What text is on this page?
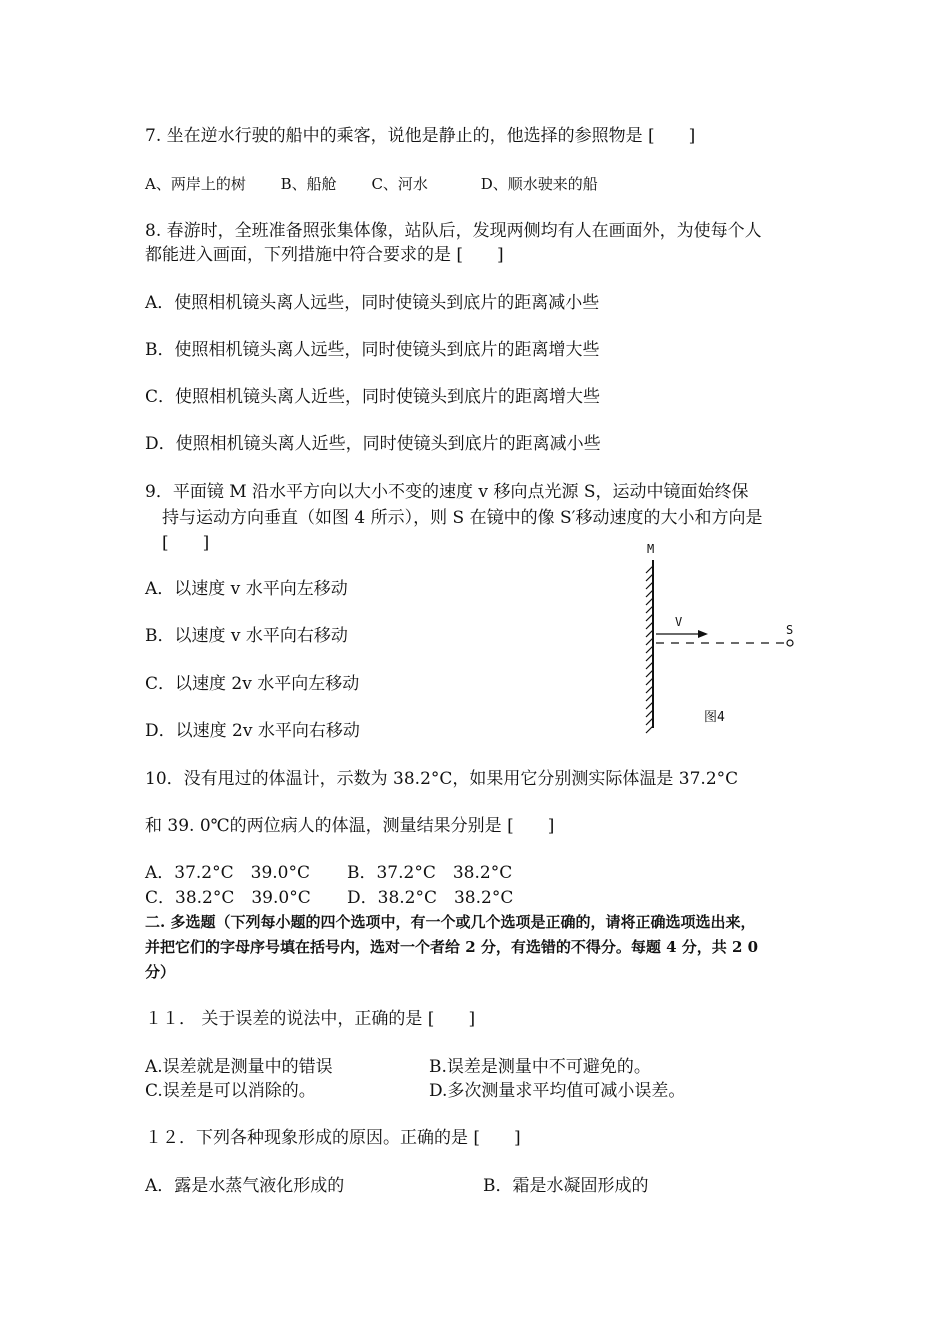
7. 坐在逆水行驶的船中的乘客，说他是静止的，他选择的参照物是 [　　]
A、两岸上的树 B、船舱 C、河水	D、顺水驶来的船
8. 春游时，全班准备照张集体像，站队后，发现两侧均有人在画面外，为使每个人
都能进入画面，下列措施中符合要求的是 [　　]
A．使照相机镜头离人远些，同时使镜头到底片的距离减小些
B．使照相机镜头离人远些，同时使镜头到底片的距离增大些
C．使照相机镜头离人近些，同时使镜头到底片的距离增大些
D．使照相机镜头离人近些，同时使镜头到底片的距离减小些
9．平面镜 M 沿水平方向以大小不变的速度 v 移向点光源 S，运动中镜面始终保
持与运动方向垂直（如图 4 所示），则 S 在镜中的像 S′移动速度的大小和方向是
[　　]
A．以速度 v 水平向左移动
B．以速度 v 水平向右移动
C．以速度 2v 水平向左移动
D．以速度 2v 水平向右移动
M
V
S
图4
10．没有甩过的体温计，示数为 38.2°C，如果用它分别测实际体温是 37.2°C
和 39. 0℃的两位病人的体温，测量结果分别是 [　　]
A．37.2°C　39.0°C B．37.2°C　38.2°C
C．38.2°C　39.0°C D．38.2°C　38.2°C
二. 多选题（下列每小题的四个选项中，有一个或几个选项是正确的，请将正确选项选出来，
并把它们的字母序号填在括号内，选对一个者给 2 分，有选错的不得分。每题 4 分，共 2 0
分）
１１． 关于误差的说法中，正确的是 [　　]
A.误差就是测量中的错误	B.误差是测量中不可避免的。
C.误差是可以消除的。	D.多次测量求平均值可减小误差。
１２．下列各种现象形成的原因。正确的是 [　　]
A．露是水蒸气液化形成的	B．霜是水凝固形成的
